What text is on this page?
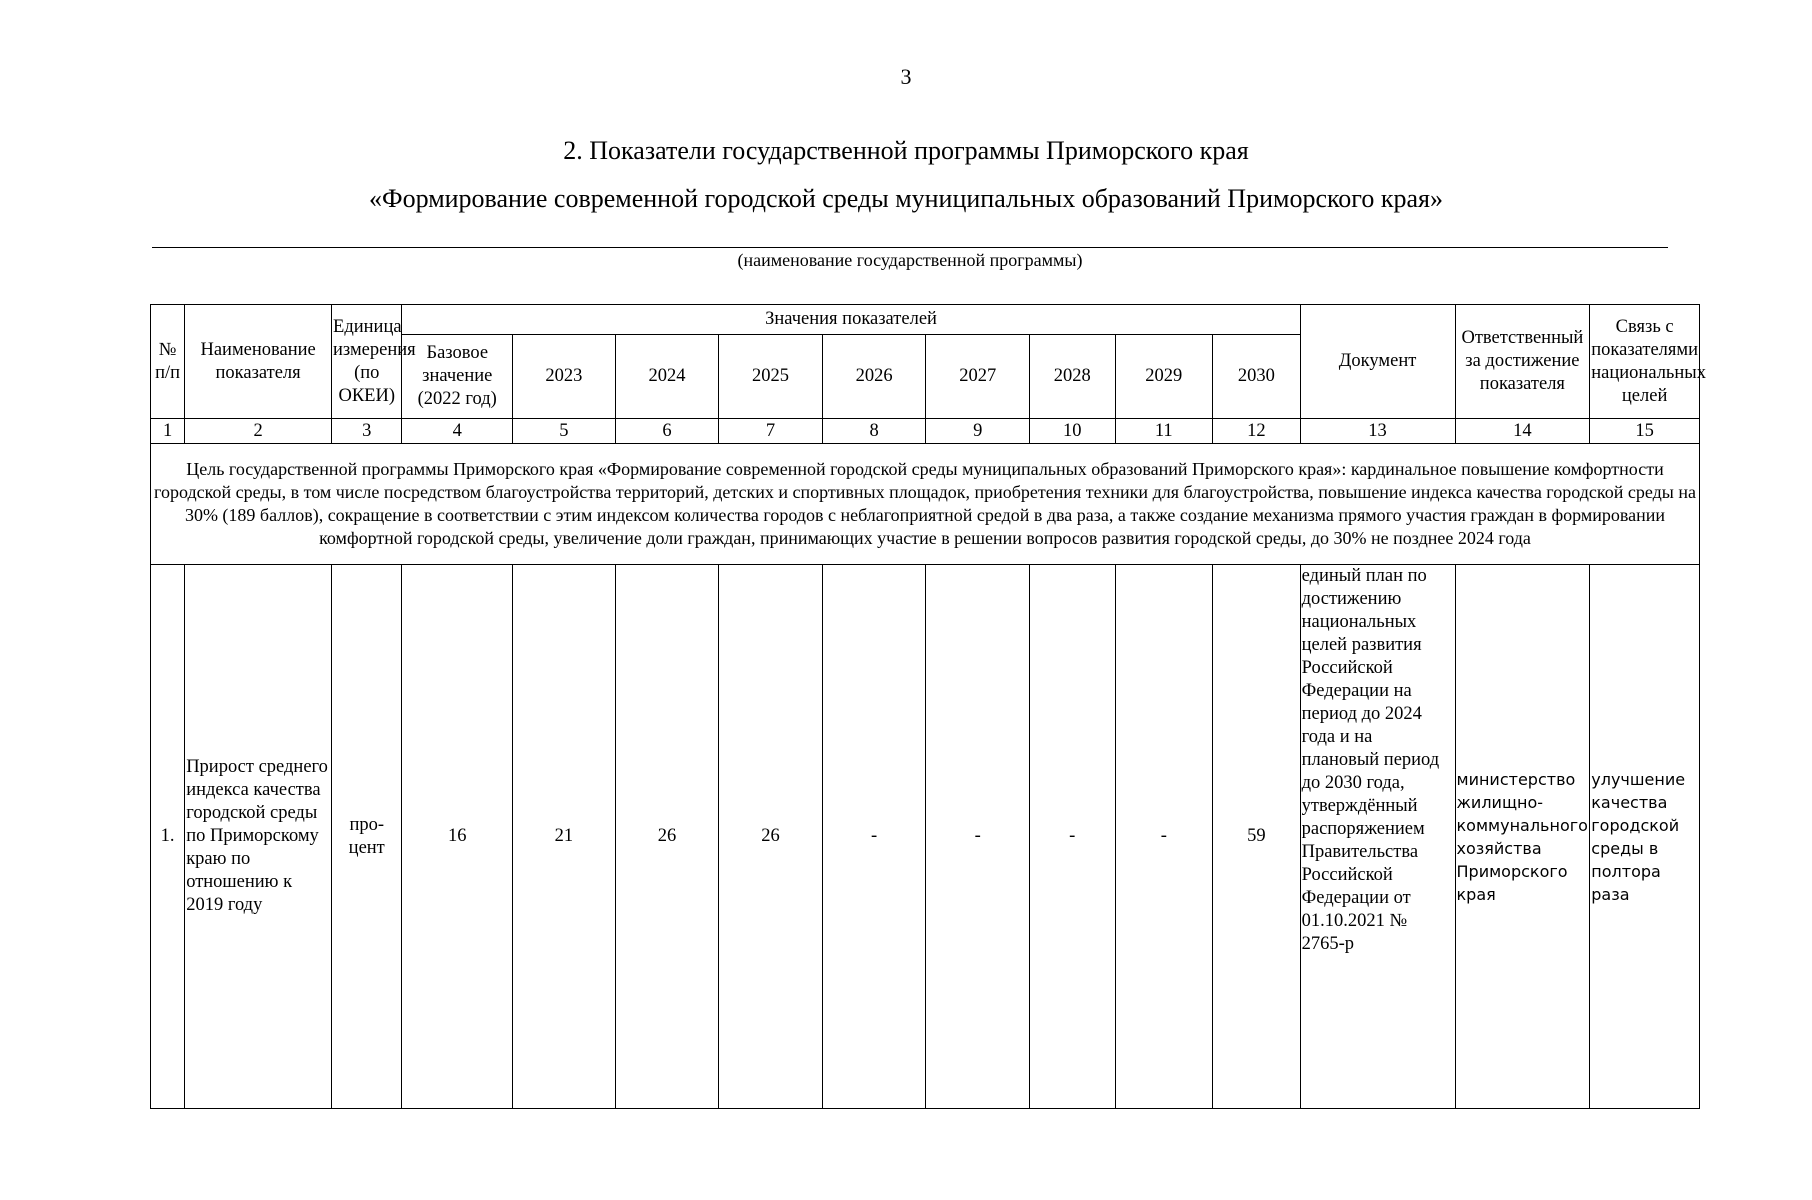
3
2. Показатели государственной программы Приморского края
«Формирование современной городской среды муниципальных образований Приморского края»
(наименование государственной программы)
№ п/п	Наименование показателя	Единица измерения (по ОКЕИ)	Значения показателей									Документ	Ответственный за достижение показателя	Связь с показателями национальных целей
			Базовое значение (2022 год)	2023	2024	2025	2026	2027	2028	2029	2030			
1	2	3	4	5	6	7	8	9	10	11	12	13	14	15
Цель государственной программы Приморского края «Формирование современной городской среды муниципальных образований Приморского края»: кардинальное повышение комфортности городской среды, в том числе посредством благоустройства территорий, детских и спортивных площадок, приобретения техники для благоустройства, повышение индекса качества городской среды на 30% (189 баллов), сокращение в соответствии с этим индексом количества городов с неблагоприятной средой в два раза, а также создание механизма прямого участия граждан в формировании комфортной городской среды, увеличение доли граждан, принимающих участие в решении вопросов развития городской среды, до 30% не позднее 2024 года														
1.	Прирост среднего индекса качества городской среды по Приморскому краю по отношению к 2019 году	про- цент	16	21	26	26	-	-	-	-	59	единый план по достижению национальных целей развития Российской Федерации на период до 2024 года и на плановый период до 2030 года, утверждённый распоряжением Правительства Российской Федерации от 01.10.2021 № 2765-р	министерство жилищно-коммунального хозяйства Приморского края	улучшение качества городской среды в полтора раза
